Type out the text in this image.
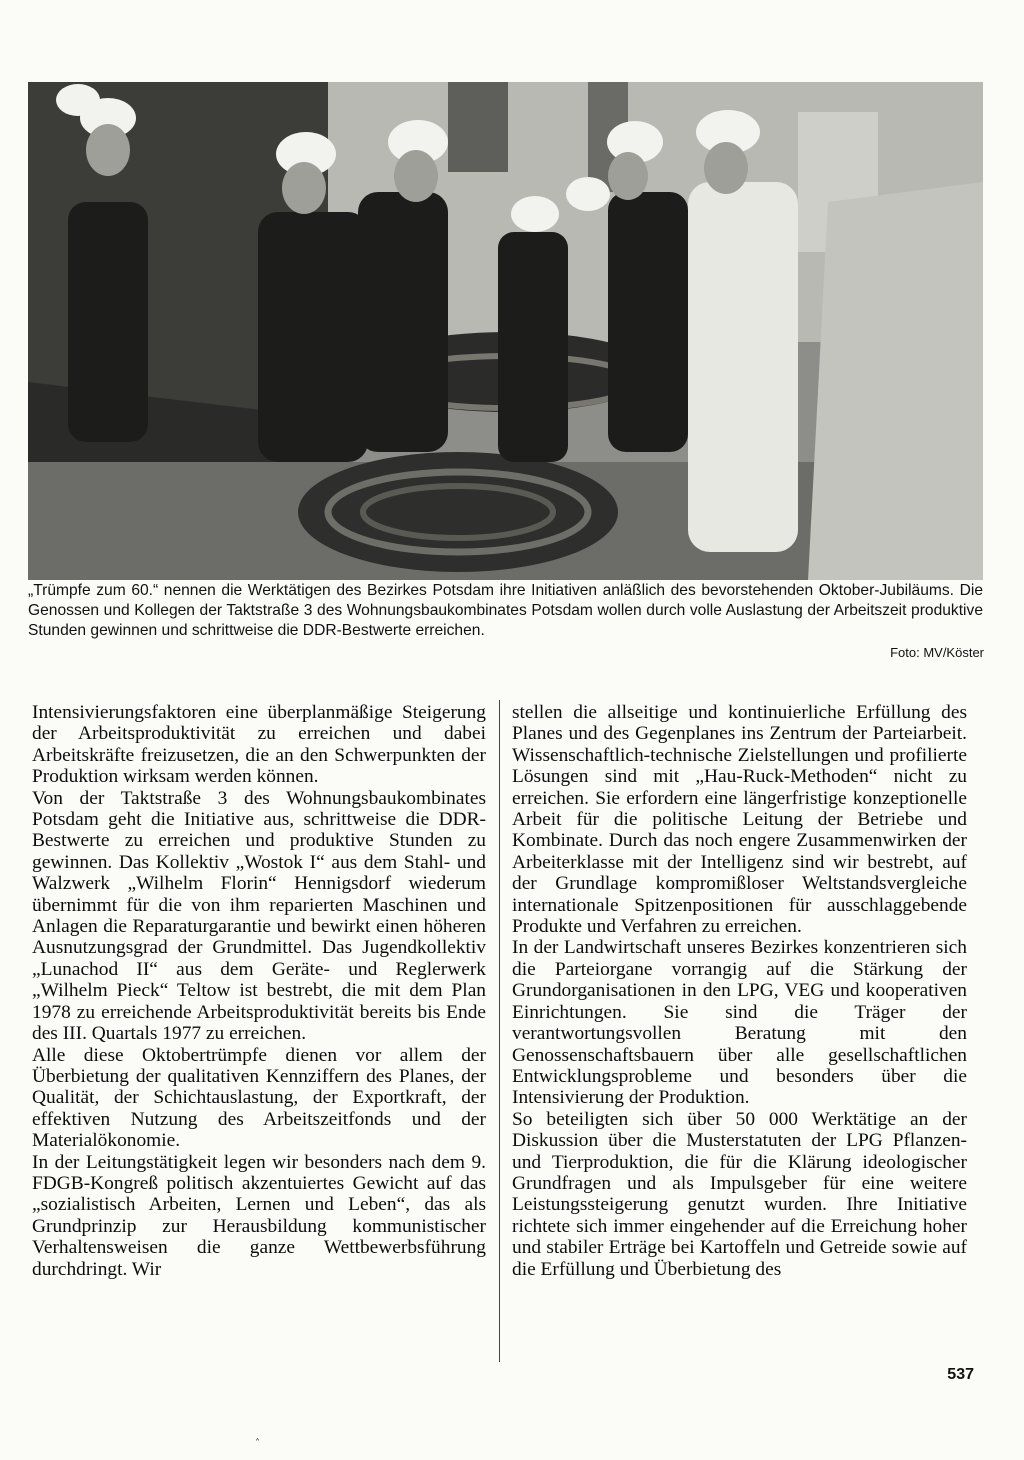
„Trümpfe zum 60.“ nennen die Werktätigen des Bezirkes Potsdam ihre Initiativen anläßlich des bevorstehenden Oktober-Jubiläums. Die Genossen und Kollegen der Taktstraße 3 des Wohnungsbaukombinates Potsdam wollen durch volle Auslastung der Arbeitszeit produktive Stunden gewinnen und schrittweise die DDR-Bestwerte erreichen.
Foto: MV/Köster

Intensivierungsfaktoren eine überplanmäßige Steigerung der Arbeitsproduktivität zu erreichen und dabei Arbeitskräfte freizusetzen, die an den Schwerpunkten der Produktion wirksam werden können.

Von der Taktstraße 3 des Wohnungsbaukombinates Potsdam geht die Initiative aus, schrittweise die DDR-Bestwerte zu erreichen und produktive Stunden zu gewinnen. Das Kollektiv „Wostok I“ aus dem Stahl- und Walzwerk „Wilhelm Florin“ Hennigsdorf wiederum übernimmt für die von ihm reparierten Maschinen und Anlagen die Reparaturgarantie und bewirkt einen höheren Ausnutzungsgrad der Grundmittel. Das Jugendkollektiv „Lunachod II“ aus dem Geräte- und Reglerwerk „Wilhelm Pieck“ Teltow ist bestrebt, die mit dem Plan 1978 zu erreichende Arbeitsproduktivität bereits bis Ende des III. Quartals 1977 zu erreichen.

Alle diese Oktobertrümpfe dienen vor allem der Überbietung der qualitativen Kennziffern des Planes, der Qualität, der Schichtauslastung, der Exportkraft, der effektiven Nutzung des Arbeitszeitfonds und der Materialökonomie.

In der Leitungstätigkeit legen wir besonders nach dem 9. FDGB-Kongreß politisch akzentuiertes Gewicht auf das „sozialistisch Arbeiten, Lernen und Leben“, das als Grundprinzip zur Herausbildung kommunistischer Verhaltensweisen die ganze Wettbewerbsführung durchdringt. Wir

stellen die allseitige und kontinuierliche Erfüllung des Planes und des Gegenplanes ins Zentrum der Parteiarbeit. Wissenschaftlich-technische Zielstellungen und profilierte Lösungen sind mit „Hau-Ruck-Methoden“ nicht zu erreichen. Sie erfordern eine längerfristige konzeptionelle Arbeit für die politische Leitung der Betriebe und Kombinate. Durch das noch engere Zusammenwirken der Arbeiterklasse mit der Intelligenz sind wir bestrebt, auf der Grundlage kompromißloser Weltstandsvergleiche internationale Spitzenpositionen für ausschlaggebende Produkte und Verfahren zu erreichen.

In der Landwirtschaft unseres Bezirkes konzentrieren sich die Parteiorgane vorrangig auf die Stärkung der Grundorganisationen in den LPG, VEG und kooperativen Einrichtungen. Sie sind die Träger der verantwortungsvollen Beratung mit den Genossenschaftsbauern über alle gesellschaftlichen Entwicklungsprobleme und besonders über die Intensivierung der Produktion.

So beteiligten sich über 50 000 Werktätige an der Diskussion über die Musterstatuten der LPG Pflanzen- und Tierproduktion, die für die Klärung ideologischer Grundfragen und als Impulsgeber für eine weitere Leistungssteigerung genutzt wurden. Ihre Initiative richtete sich immer eingehender auf die Erreichung hoher und stabiler Erträge bei Kartoffeln und Getreide sowie auf die Erfüllung und Überbietung des

537
˄
